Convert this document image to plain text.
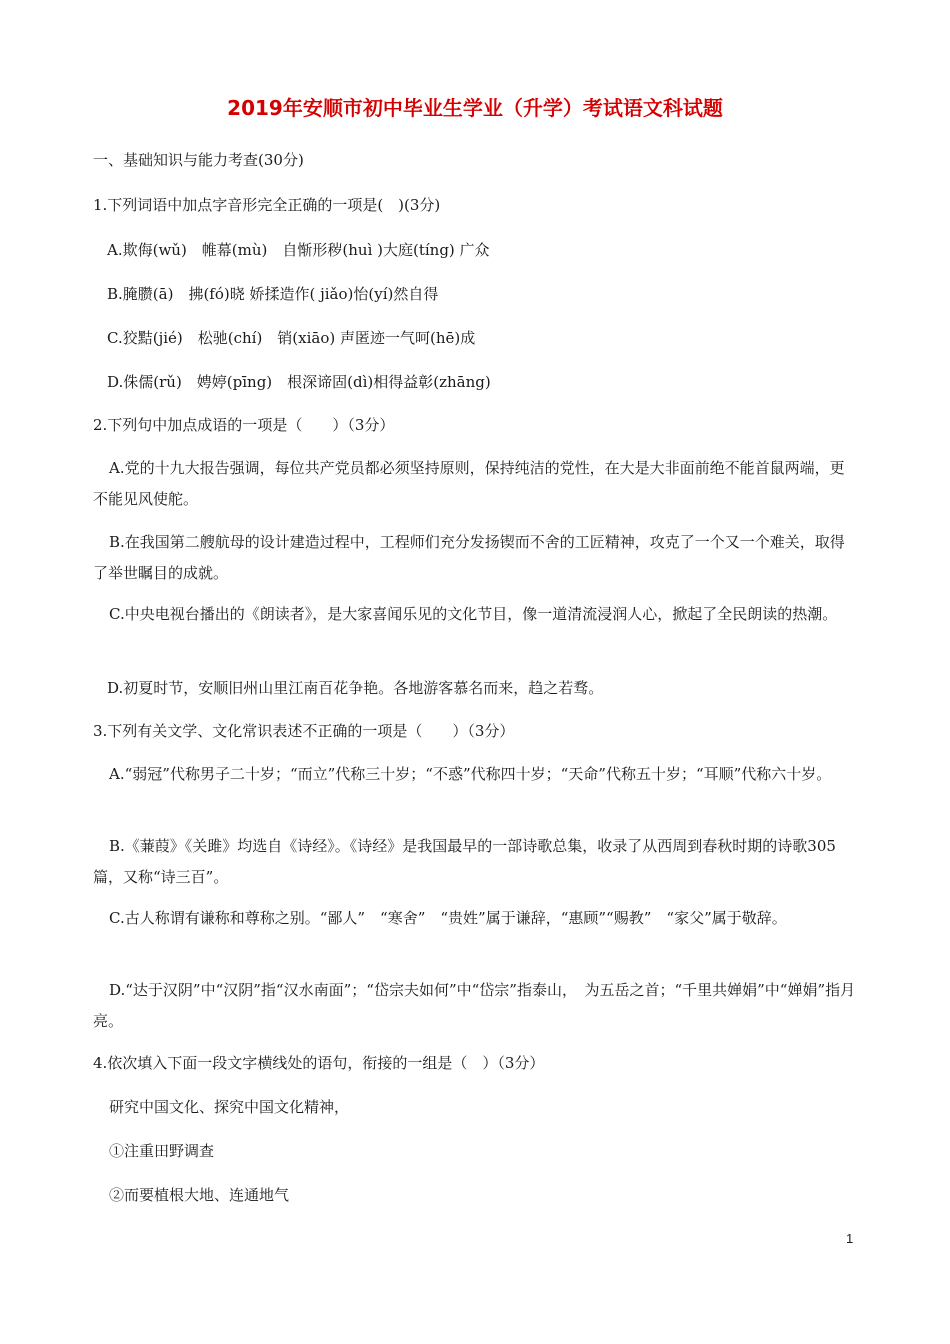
2019年安顺市初中毕业生学业（升学）考试语文科试题
一、基础知识与能力考查(30分)
1.下列词语中加点字音形完全正确的一项是(　)(3分)
A.欺侮(wǔ)　帷幕(mù)　自惭形秽(huì )大庭(tíng) 广众
B.腌臜(ā)　拂(fó)晓 娇揉造作( jiǎo)怡(yí)然自得
C.狡黠(jié)　松驰(chí)　销(xiāo) 声匿迹一气呵(hē)成
D.侏儒(rǔ)　娉婷(pīng)　根深谛固(dì)相得益彰(zhāng)
2.下列句中加点成语的一项是（　　）（3分）
A.党的十九大报告强调，每位共产党员都必须坚持原则，保持纯洁的党性，在大是大非面前绝不能首鼠两端，更不能见风使舵。
B.在我国第二艘航母的设计建造过程中，工程师们充分发扬锲而不舍的工匠精神，攻克了一个又一个难关，取得了举世瞩目的成就。
C.中央电视台播出的《朗读者》，是大家喜闻乐见的文化节目，像一道清流浸润人心，掀起了全民朗读的热潮。
D.初夏时节，安顺旧州山里江南百花争艳。各地游客慕名而来，趋之若骛。
3.下列有关文学、文化常识表述不正确的一项是（　　）（3分）
A.“弱冠”代称男子二十岁；“而立”代称三十岁；“不惑”代称四十岁；“天命”代称五十岁；“耳顺”代称六十岁。
B.《蒹葭》《关雎》均选自《诗经》。《诗经》是我国最早的一部诗歌总集，收录了从西周到春秋时期的诗歌305篇，又称“诗三百”。
C.古人称谓有谦称和尊称之别。“鄙人”　“寒舍”　“贵姓”属于谦辞，“惠顾”“赐教”　“家父”属于敬辞。
D.“达于汉阴”中“汉阴”指“汉水南面”；“岱宗夫如何”中“岱宗”指泰山，　为五岳之首；“千里共婵娟”中“婵娟”指月亮。
4.依次填入下面一段文字横线处的语句，衔接的一组是（　）（3分）
研究中国文化、探究中国文化精神，
①注重田野调查
②而要植根大地、连通地气
1
